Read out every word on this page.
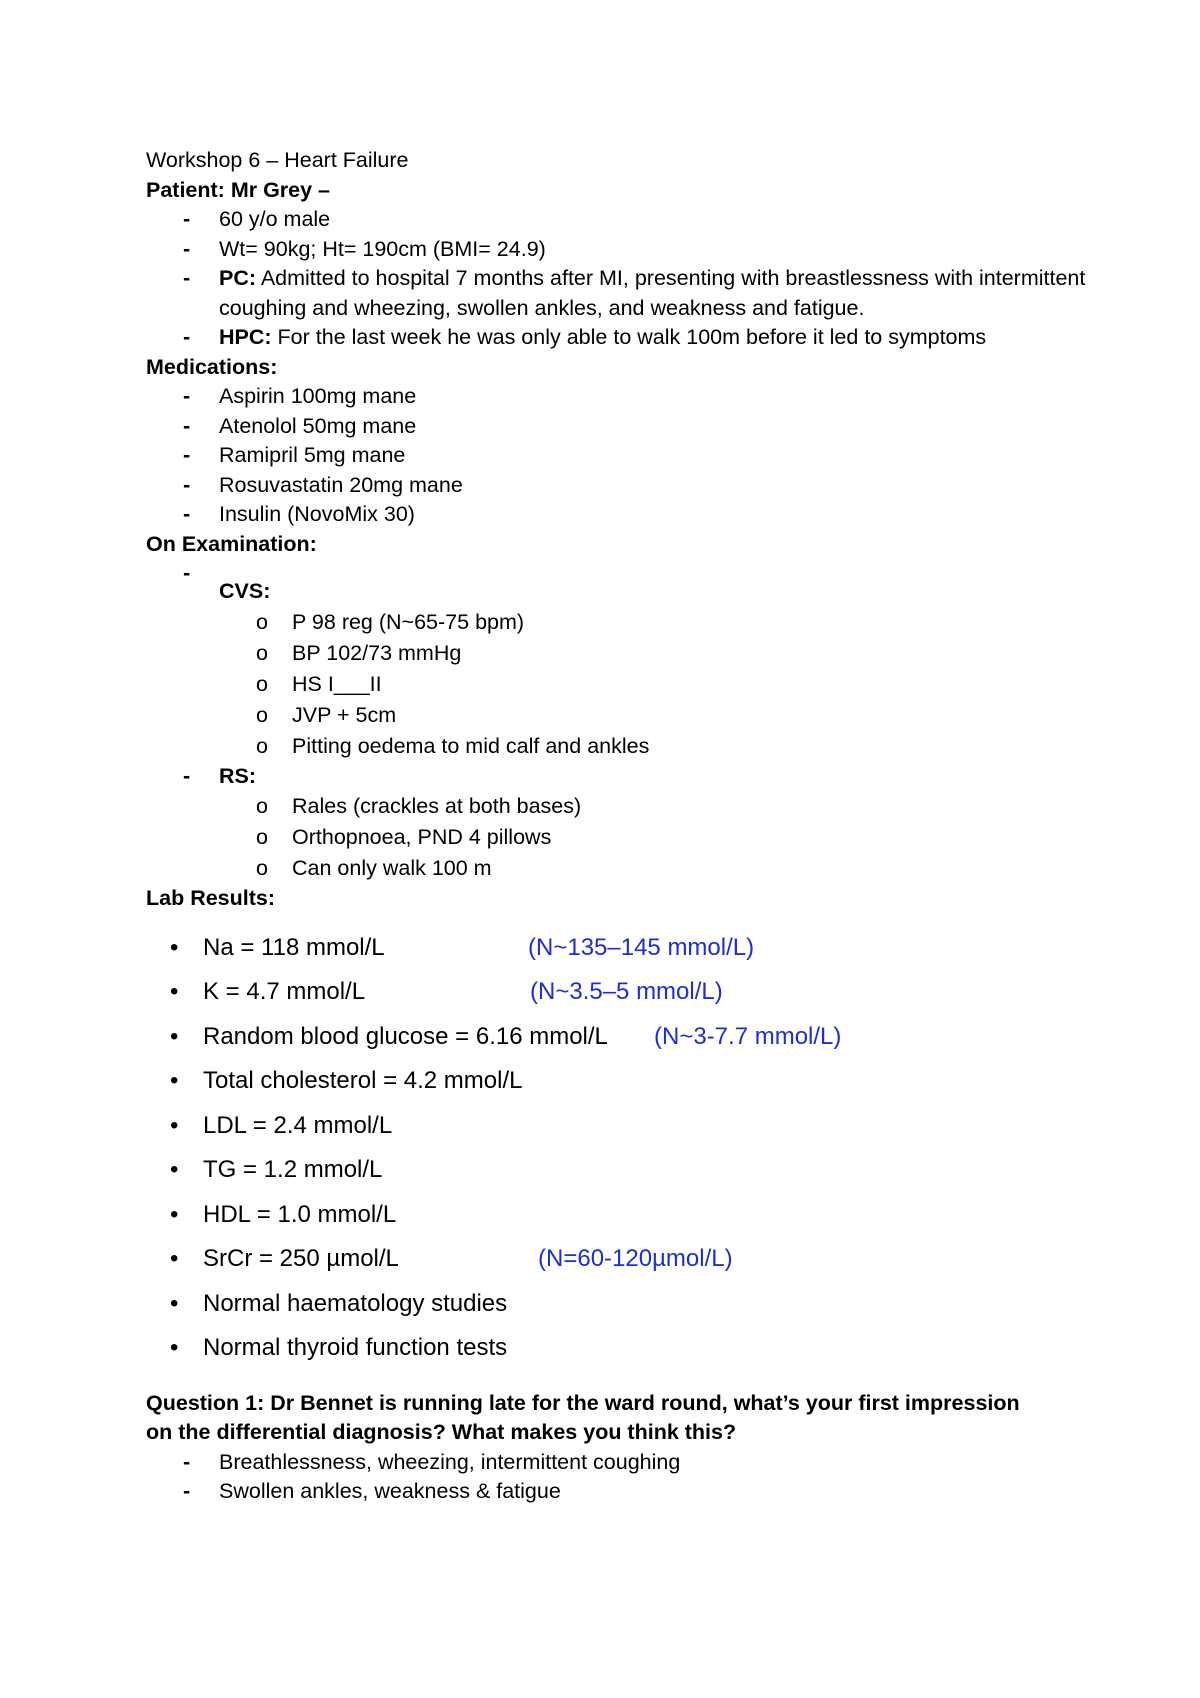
Workshop 6 – Heart Failure
Patient: Mr Grey –
- 60 y/o male
- Wt= 90kg; Ht= 190cm (BMI= 24.9)
- PC: Admitted to hospital 7 months after MI, presenting with breastlessness with intermittent coughing and wheezing, swollen ankles, and weakness and fatigue.
- HPC: For the last week he was only able to walk 100m before it led to symptoms
Medications:
- Aspirin 100mg mane
- Atenolol 50mg mane
- Ramipril 5mg mane
- Rosuvastatin 20mg mane
- Insulin (NovoMix 30)
On Examination:
- CVS:
o P 98 reg (N~65-75 bpm)
o BP 102/73 mmHg
o HS I___II
o JVP + 5cm
o Pitting oedema to mid calf and ankles
- RS:
o Rales (crackles at both bases)
o Orthopnoea, PND 4 pillows
o Can only walk 100 m
Lab Results:
• Na = 118 mmol/L	(N~135–145 mmol/L)
• K = 4.7 mmol/L	(N~3.5–5 mmol/L)
• Random blood glucose = 6.16 mmol/L (N~3-7.7 mmol/L)
• Total cholesterol = 4.2 mmol/L
• LDL = 2.4 mmol/L
• TG = 1.2 mmol/L
• HDL = 1.0 mmol/L
• SrCr = 250 µmol/L	(N=60-120µmol/L)
• Normal haematology studies
• Normal thyroid function tests
Question 1: Dr Bennet is running late for the ward round, what’s your first impression on the differential diagnosis? What makes you think this?
- Breathlessness, wheezing, intermittent coughing
- Swollen ankles, weakness & fatigue
